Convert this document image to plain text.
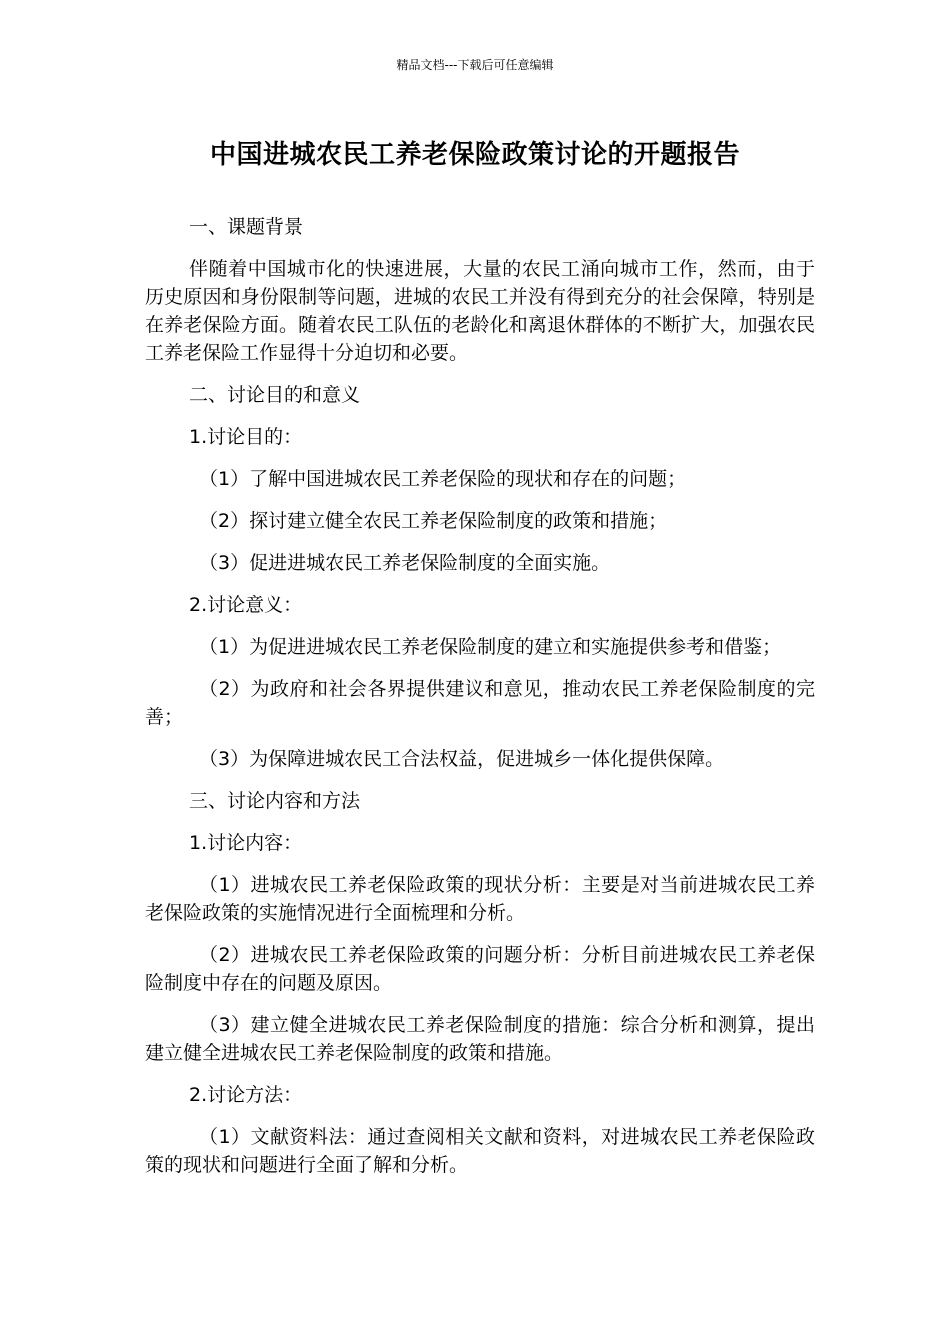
精品文档---下载后可任意编辑
中国进城农民工养老保险政策讨论的开题报告

一、课题背景

伴随着中国城市化的快速进展，大量的农民工涌向城市工作，然而，由于历史原因和身份限制等问题，进城的农民工并没有得到充分的社会保障，特别是在养老保险方面。随着农民工队伍的老龄化和离退休群体的不断扩大，加强农民工养老保险工作显得十分迫切和必要。

二、讨论目的和意义

1.讨论目的：

（1）了解中国进城农民工养老保险的现状和存在的问题；

（2）探讨建立健全农民工养老保险制度的政策和措施；

（3）促进进城农民工养老保险制度的全面实施。

2.讨论意义：

（1）为促进进城农民工养老保险制度的建立和实施提供参考和借鉴；

（2）为政府和社会各界提供建议和意见，推动农民工养老保险制度的完善；

（3）为保障进城农民工合法权益，促进城乡一体化提供保障。

三、讨论内容和方法

1.讨论内容：

（1）进城农民工养老保险政策的现状分析：主要是对当前进城农民工养老保险政策的实施情况进行全面梳理和分析。

（2）进城农民工养老保险政策的问题分析：分析目前进城农民工养老保险制度中存在的问题及原因。

（3）建立健全进城农民工养老保险制度的措施：综合分析和测算，提出建立健全进城农民工养老保险制度的政策和措施。

2.讨论方法：

（1）文献资料法：通过查阅相关文献和资料，对进城农民工养老保险政策的现状和问题进行全面了解和分析。
